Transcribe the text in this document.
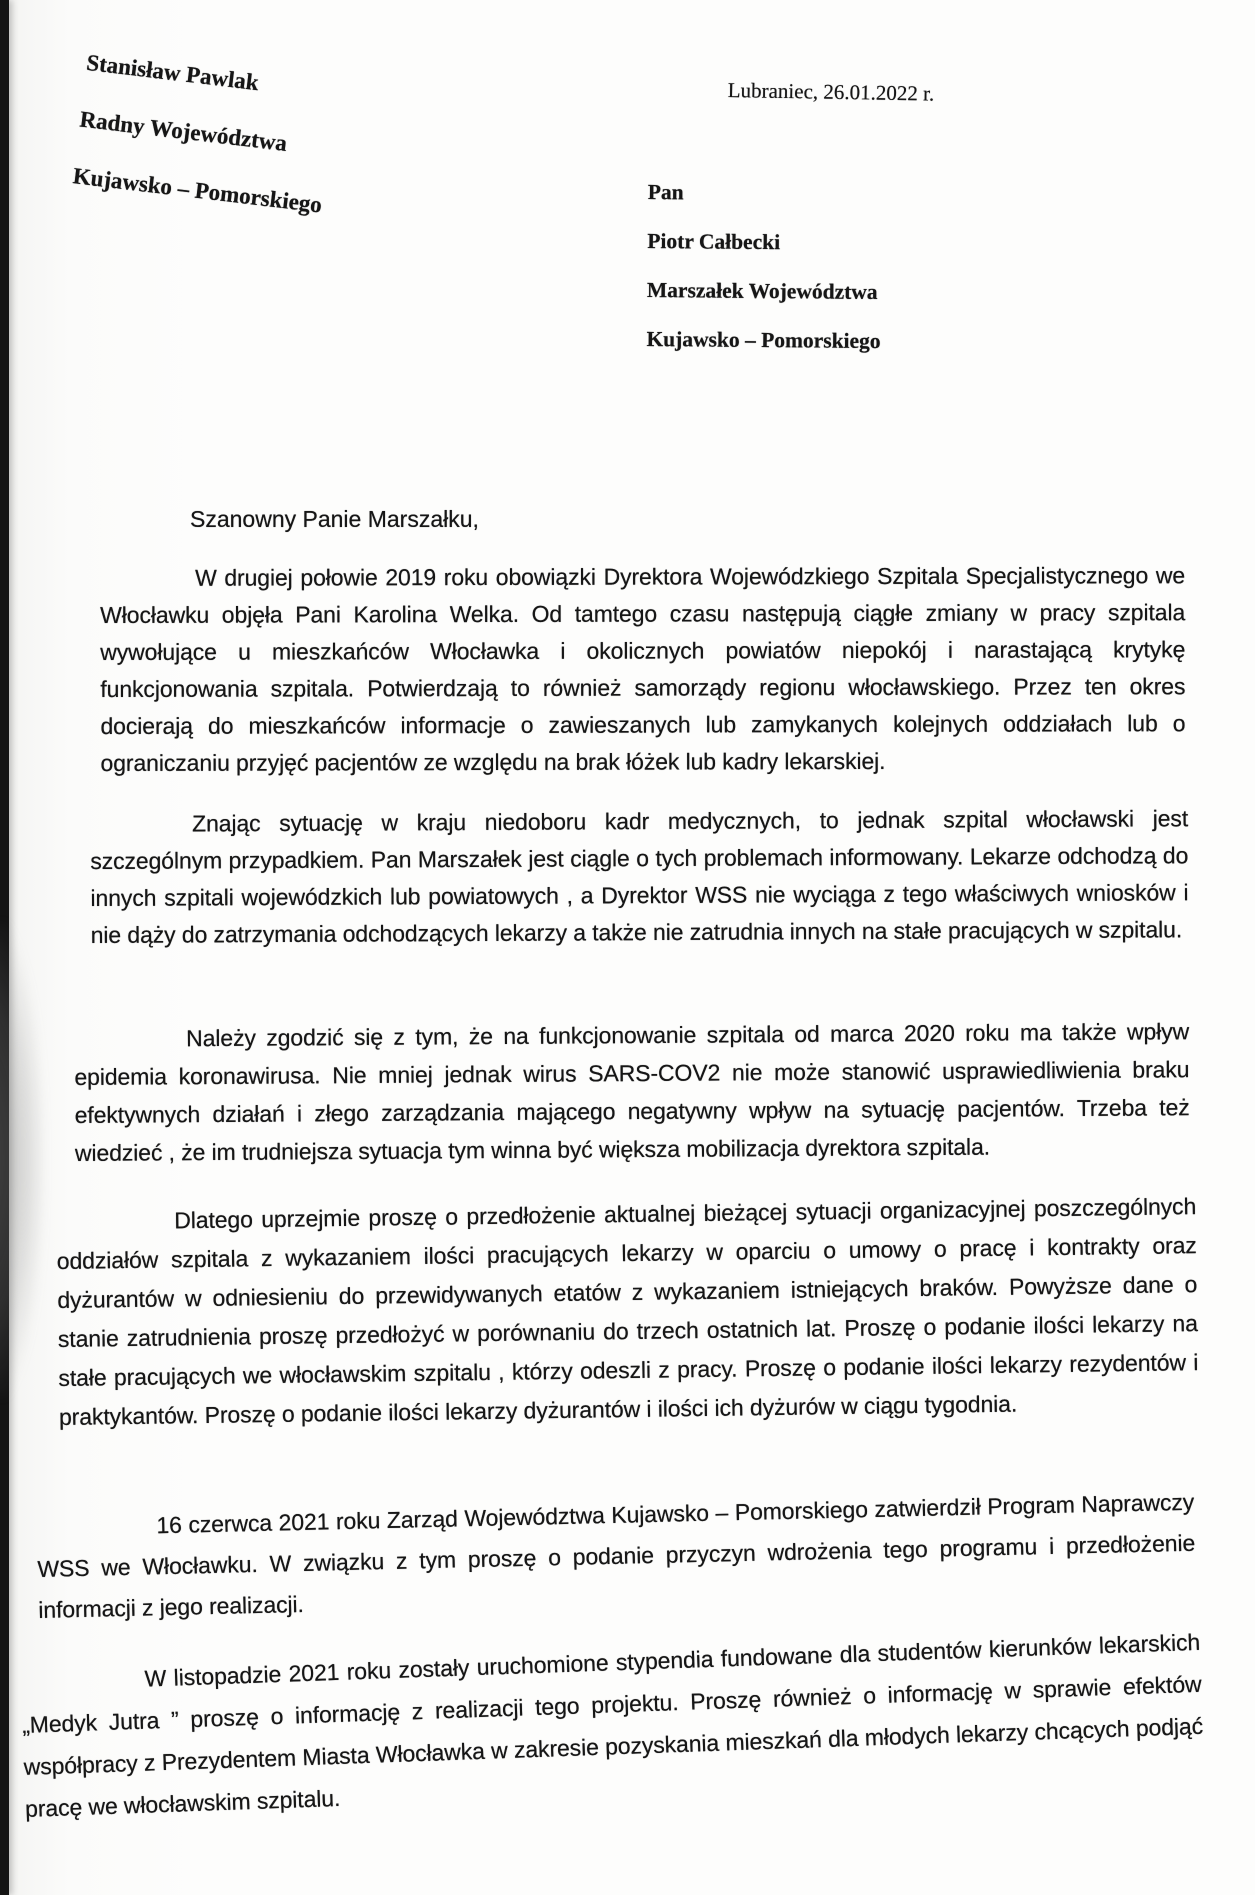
Stanisław Pawlak
Radny Województwa
Kujawsko – Pomorskiego
Lubraniec, 26.01.2022 r.
Pan
Piotr Całbecki
Marszałek Województwa
Kujawsko – Pomorskiego
Szanowny Panie Marszałku,
W drugiej połowie 2019 roku obowiązki Dyrektora Wojewódzkiego Szpitala Specjalistycznego we Włocławku objęła Pani Karolina Welka. Od tamtego czasu następują ciągłe zmiany w pracy szpitala wywołujące u mieszkańców Włocławka i okolicznych powiatów niepokój i narastającą krytykę funkcjonowania szpitala. Potwierdzają to również samorządy regionu włocławskiego. Przez ten okres docierają do mieszkańców informacje o zawieszanych lub zamykanych kolejnych oddziałach lub o ograniczaniu przyjęć pacjentów ze względu na brak łóżek lub kadry lekarskiej.
Znając sytuację w kraju niedoboru kadr medycznych, to jednak szpital włocławski jest szczególnym przypadkiem. Pan Marszałek jest ciągle o tych problemach informowany. Lekarze odchodzą do innych szpitali wojewódzkich lub powiatowych , a Dyrektor WSS nie wyciąga z tego właściwych wniosków i nie dąży do zatrzymania odchodzących lekarzy a także nie zatrudnia innych na stałe pracujących w szpitalu.
Należy zgodzić się z tym, że na funkcjonowanie szpitala od marca 2020 roku ma także wpływ epidemia koronawirusa. Nie mniej jednak wirus SARS-COV2 nie może stanowić usprawiedliwienia braku efektywnych działań i złego zarządzania mającego negatywny wpływ na sytuację pacjentów. Trzeba też wiedzieć , że im trudniejsza sytuacja tym winna być większa mobilizacja dyrektora szpitala.
Dlatego uprzejmie proszę o przedłożenie aktualnej bieżącej sytuacji organizacyjnej poszczególnych oddziałów szpitala z wykazaniem ilości pracujących lekarzy w oparciu o umowy o pracę i kontrakty oraz dyżurantów w odniesieniu do przewidywanych etatów z wykazaniem istniejących braków. Powyższe dane o stanie zatrudnienia proszę przedłożyć w porównaniu do trzech ostatnich lat. Proszę o podanie ilości lekarzy na stałe pracujących we włocławskim szpitalu , którzy odeszli z pracy. Proszę o podanie ilości lekarzy rezydentów i praktykantów. Proszę o podanie ilości lekarzy dyżurantów i ilości ich dyżurów w ciągu tygodnia.
16 czerwca 2021 roku Zarząd Województwa Kujawsko – Pomorskiego zatwierdził Program Naprawczy WSS we Włocławku. W związku z tym proszę o podanie przyczyn wdrożenia tego programu i przedłożenie informacji z jego realizacji.
W listopadzie 2021 roku zostały uruchomione stypendia fundowane dla studentów kierunków lekarskich „Medyk Jutra ” proszę o informację z realizacji tego projektu. Proszę również o informację w sprawie efektów współpracy z Prezydentem Miasta Włocławka w zakresie pozyskania mieszkań dla młodych lekarzy chcących podjąć pracę we włocławskim szpitalu.
